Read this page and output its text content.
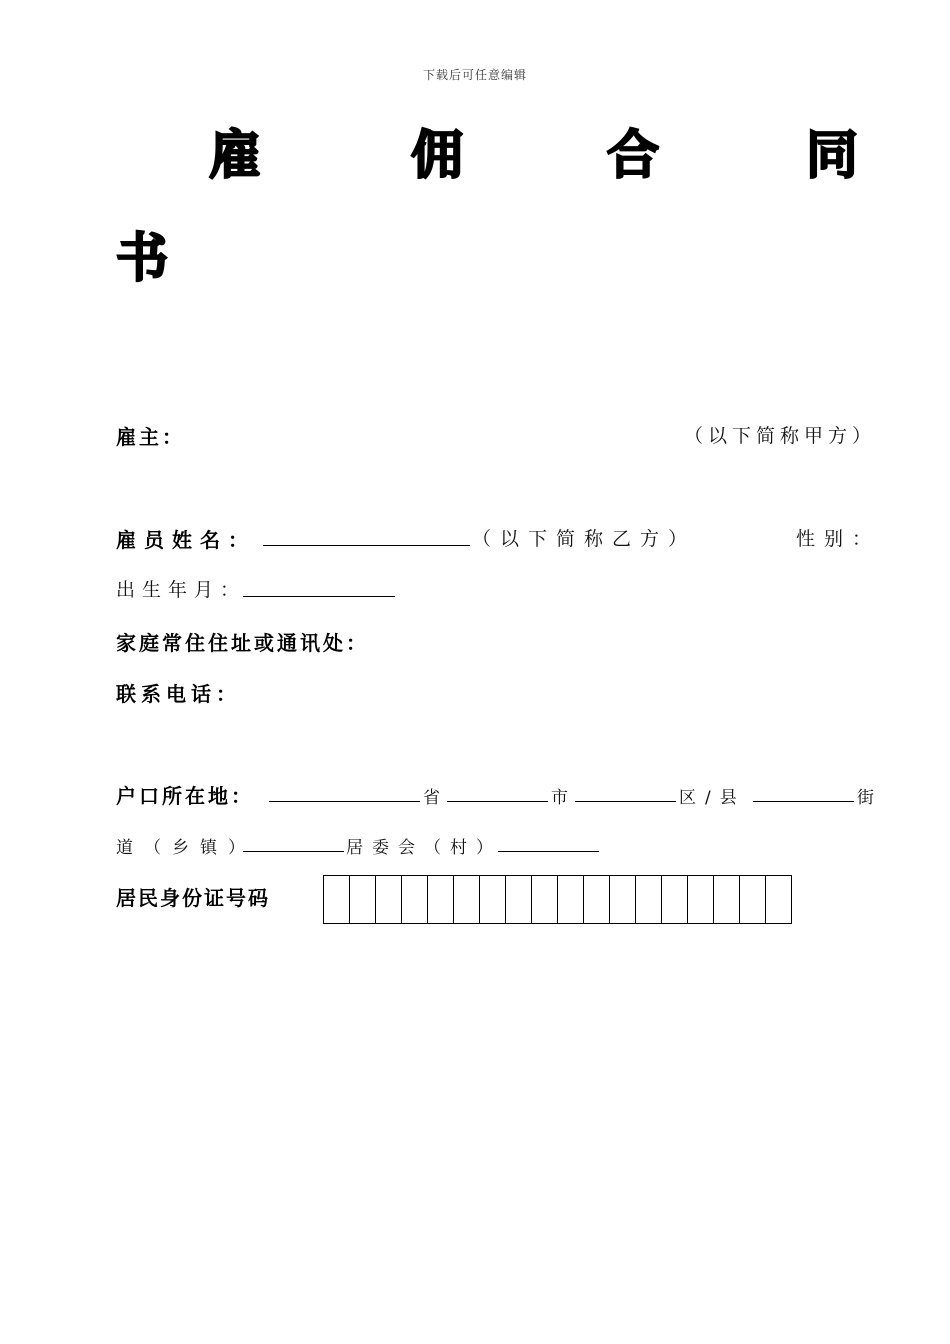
下载后可任意编辑
雇	佣	合	同
书
雇主：	（以下简称甲方）
雇员姓名：	（以下简称乙方）	性别：
出生年月：
家庭常住住址或通讯处：
联系电话：
户口所在地：	省	市	区/县	街
道（乡镇）	居委会（村）
居民身份证号码
